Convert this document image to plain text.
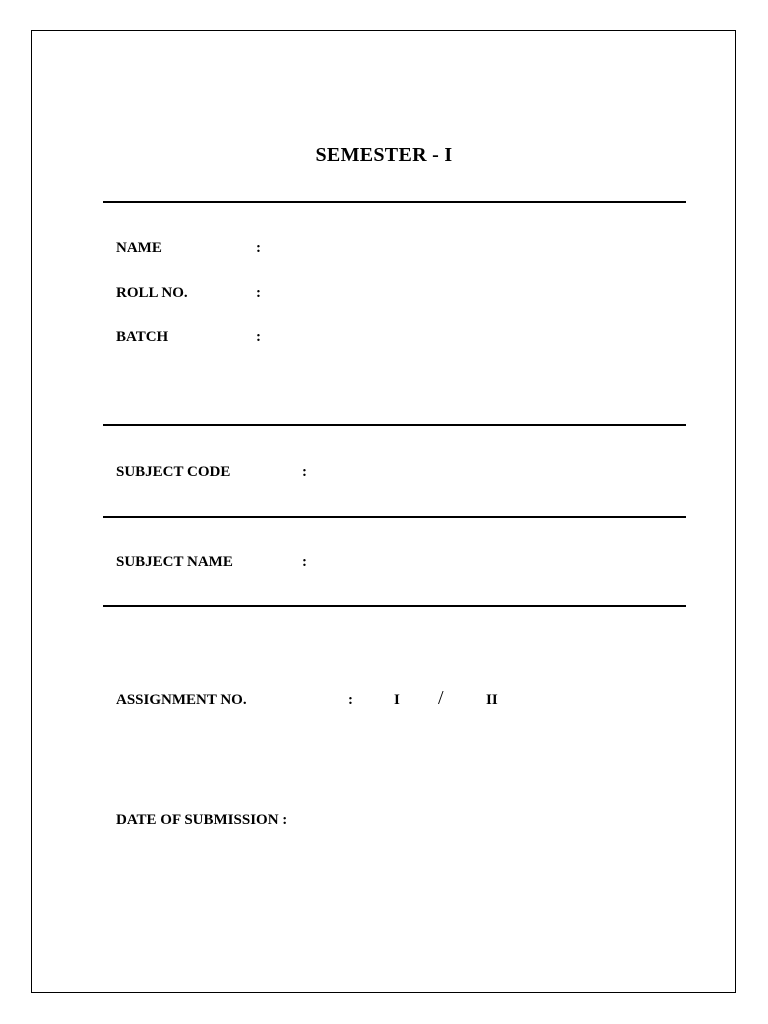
SEMESTER - I
NAME	:
ROLL NO.	:
BATCH	:
SUBJECT CODE	:
SUBJECT NAME	:
ASSIGNMENT NO.	:	I /	II
DATE OF SUBMISSION :
